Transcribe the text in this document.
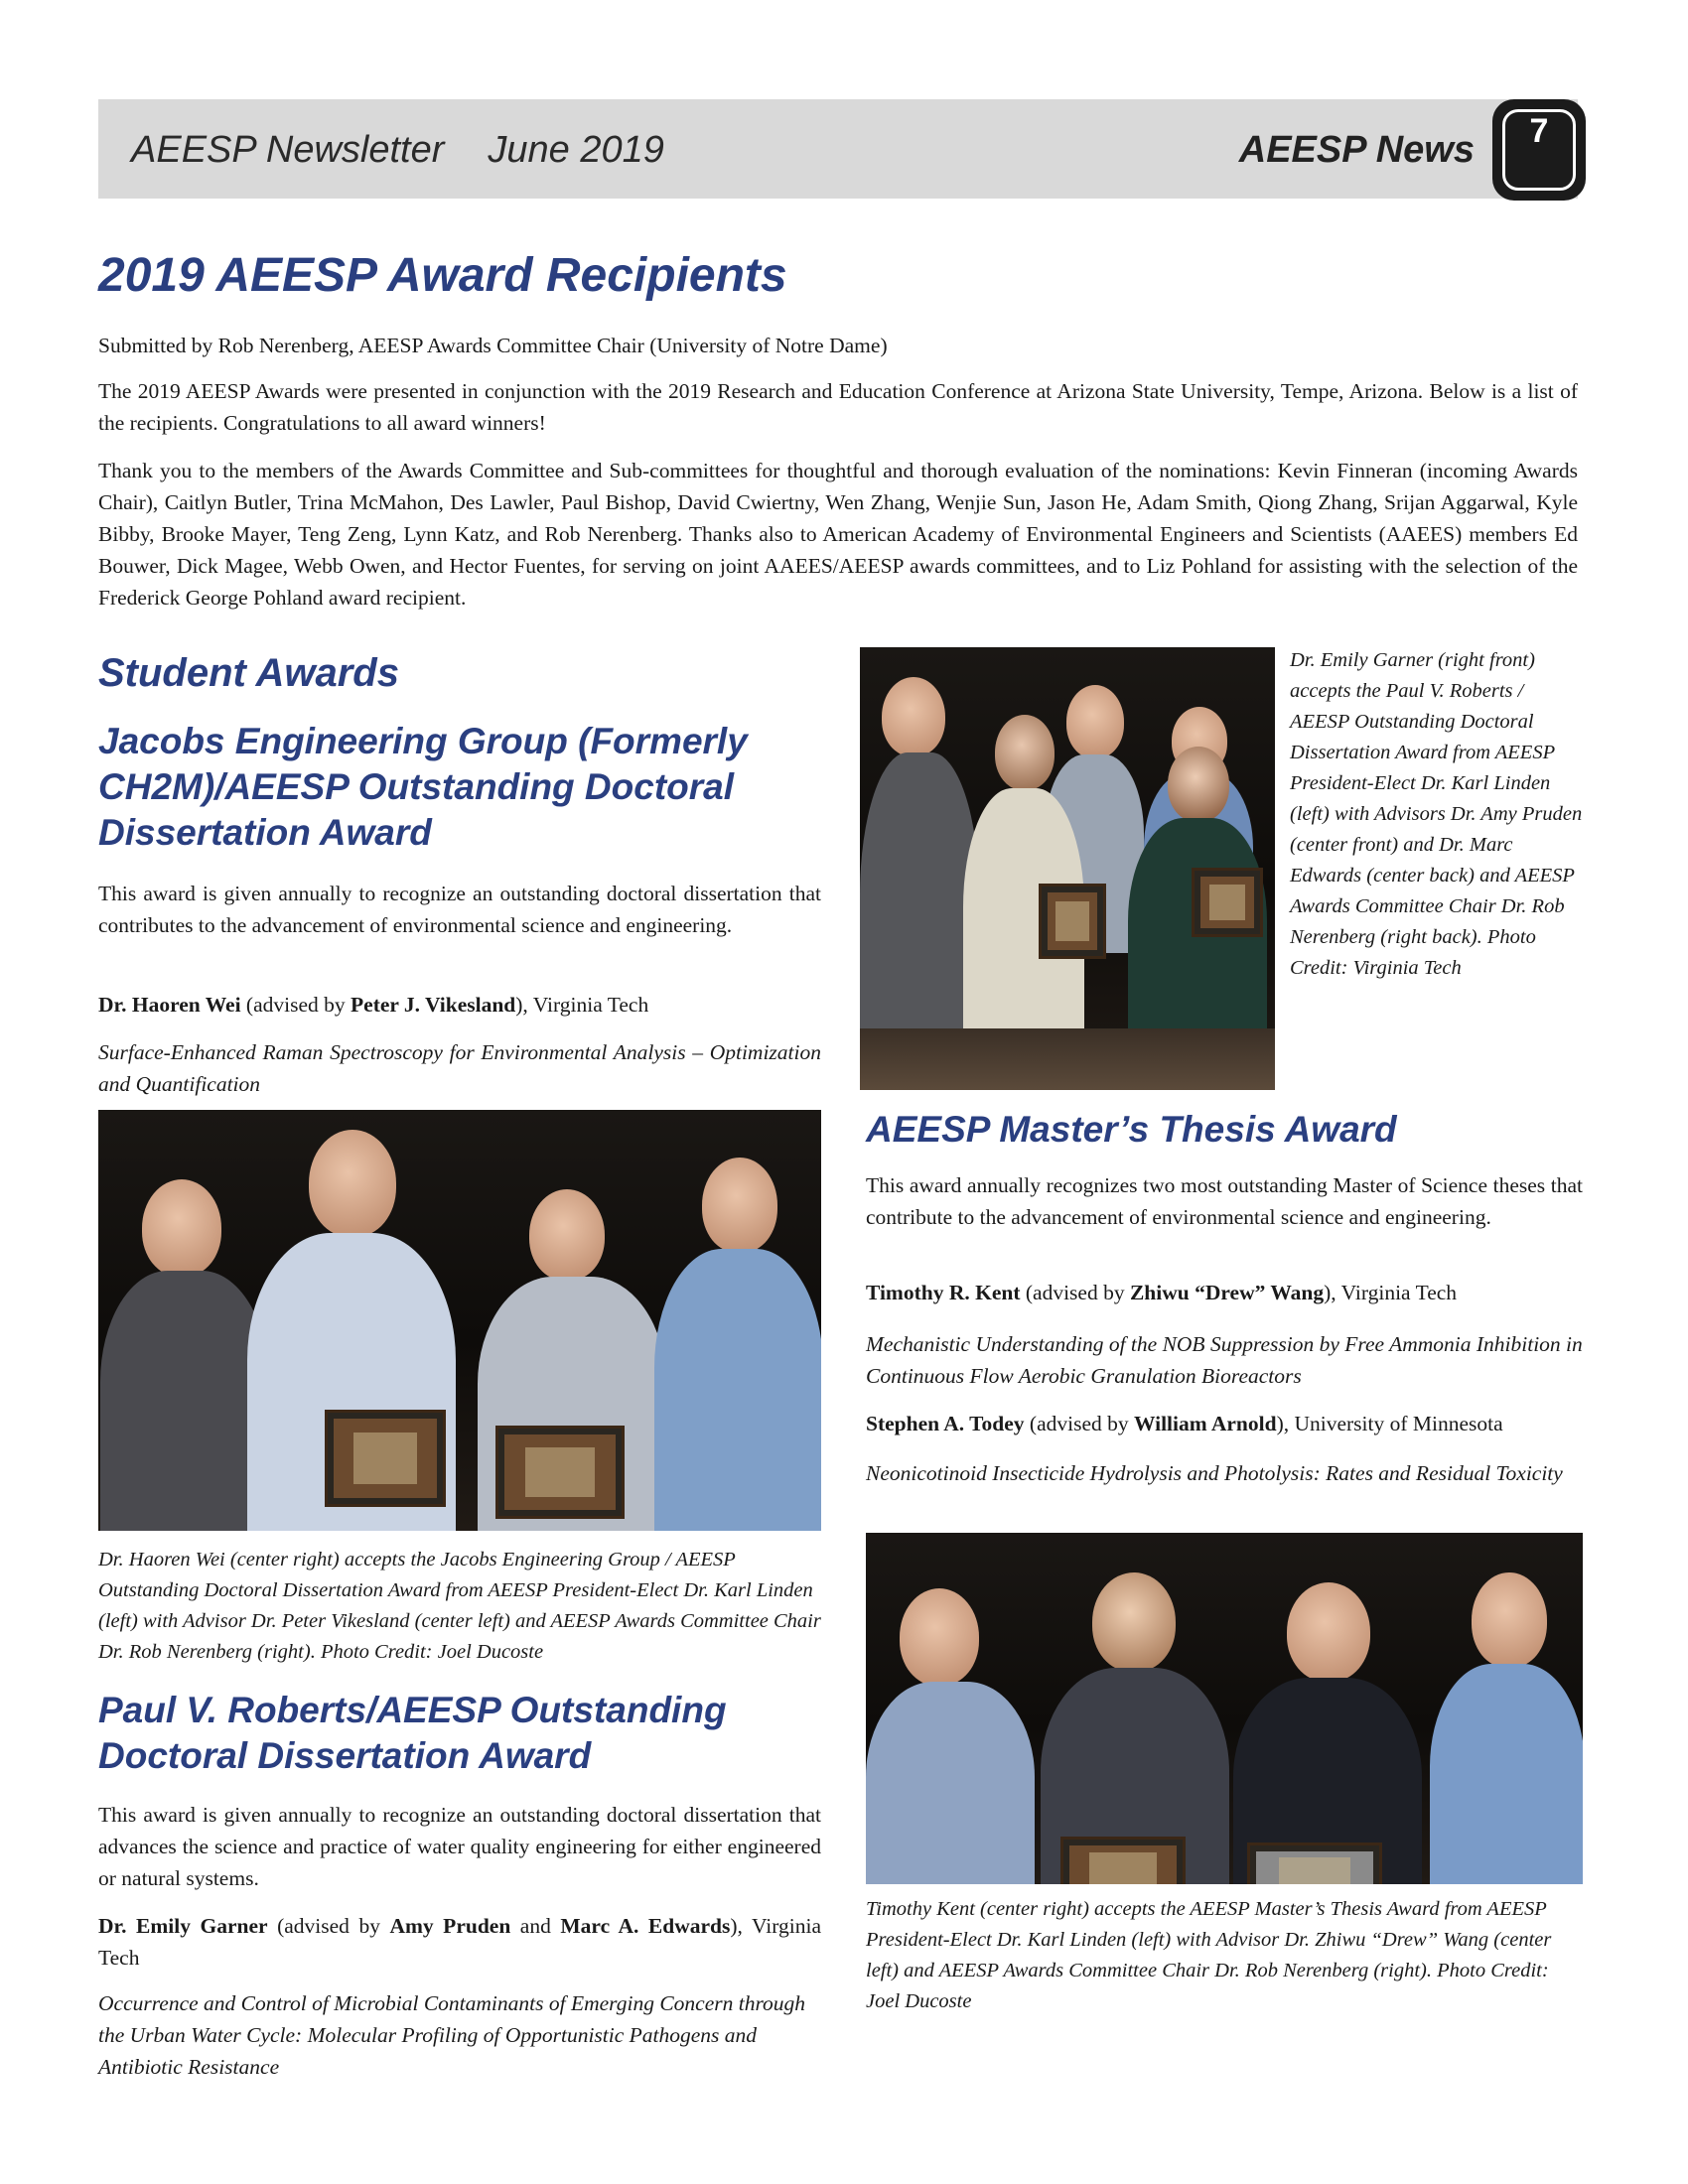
AEESP Newsletter June 2019	AEESP News	7
2019 AEESP Award Recipients

Submitted by Rob Nerenberg, AEESP Awards Committee Chair (University of Notre Dame)

The 2019 AEESP Awards were presented in conjunction with the 2019 Research and Education Conference at Arizona State University, Tempe, Arizona. Below is a list of the recipients. Congratulations to all award winners!

Thank you to the members of the Awards Committee and Sub-committees for thoughtful and thorough evaluation of the nominations: Kevin Finneran (incoming Awards Chair), Caitlyn Butler, Trina McMahon, Des Lawler, Paul Bishop, David Cwiertny, Wen Zhang, Wenjie Sun, Jason He, Adam Smith, Qiong Zhang, Srijan Aggarwal, Kyle Bibby, Brooke Mayer, Teng Zeng, Lynn Katz, and Rob Nerenberg. Thanks also to American Academy of Environmental Engineers and Scientists (AAEES) members Ed Bouwer, Dick Magee, Webb Owen, and Hector Fuentes, for serving on joint AAEES/AEESP awards committees, and to Liz Pohland for assisting with the selection of the Frederick George Pohland award recipient.

Student Awards
Jacobs Engineering Group (Formerly CH2M)/AEESP Outstanding Doctoral Dissertation Award

This award is given annually to recognize an outstanding doctoral dissertation that contributes to the advancement of environmental science and engineering.

Dr. Haoren Wei (advised by Peter J. Vikesland), Virginia Tech

Surface-Enhanced Raman Spectroscopy for Environmental Analysis – Optimization and Quantification

Dr. Haoren Wei (center right) accepts the Jacobs Engineering Group / AEESP Outstanding Doctoral Dissertation Award from AEESP President-Elect Dr. Karl Linden (left) with Advisor Dr. Peter Vikesland (center left) and AEESP Awards Committee Chair Dr. Rob Nerenberg (right). Photo Credit: Joel Ducoste

Paul V. Roberts/AEESP Outstanding Doctoral Dissertation Award

This award is given annually to recognize an outstanding doctoral dissertation that advances the science and practice of water quality engineering for either engineered or natural systems.

Dr. Emily Garner (advised by Amy Pruden and Marc A. Edwards), Virginia Tech

Occurrence and Control of Microbial Contaminants of Emerging Concern through the Urban Water Cycle: Molecular Profiling of Opportunistic Pathogens and Antibiotic Resistance

Dr. Emily Garner (right front) accepts the Paul V. Roberts / AEESP Outstanding Doctoral Dissertation Award from AEESP President-Elect Dr. Karl Linden (left) with Advisors Dr. Amy Pruden (center front) and Dr. Marc Edwards (center back) and AEESP Awards Committee Chair Dr. Rob Nerenberg (right back). Photo Credit: Virginia Tech

AEESP Master’s Thesis Award

This award annually recognizes two most outstanding Master of Science theses that contribute to the advancement of environmental science and engineering.

Timothy R. Kent (advised by Zhiwu “Drew” Wang), Virginia Tech

Mechanistic Understanding of the NOB Suppression by Free Ammonia Inhibition in Continuous Flow Aerobic Granulation Bioreactors

Stephen A. Todey (advised by William Arnold), University of Minnesota

Neonicotinoid Insecticide Hydrolysis and Photolysis: Rates and Residual Toxicity

Timothy Kent (center right) accepts the AEESP Master’s Thesis Award from AEESP President-Elect Dr. Karl Linden (left) with Advisor Dr. Zhiwu “Drew” Wang (center left) and AEESP Awards Committee Chair Dr. Rob Nerenberg (right). Photo Credit: Joel Ducoste
